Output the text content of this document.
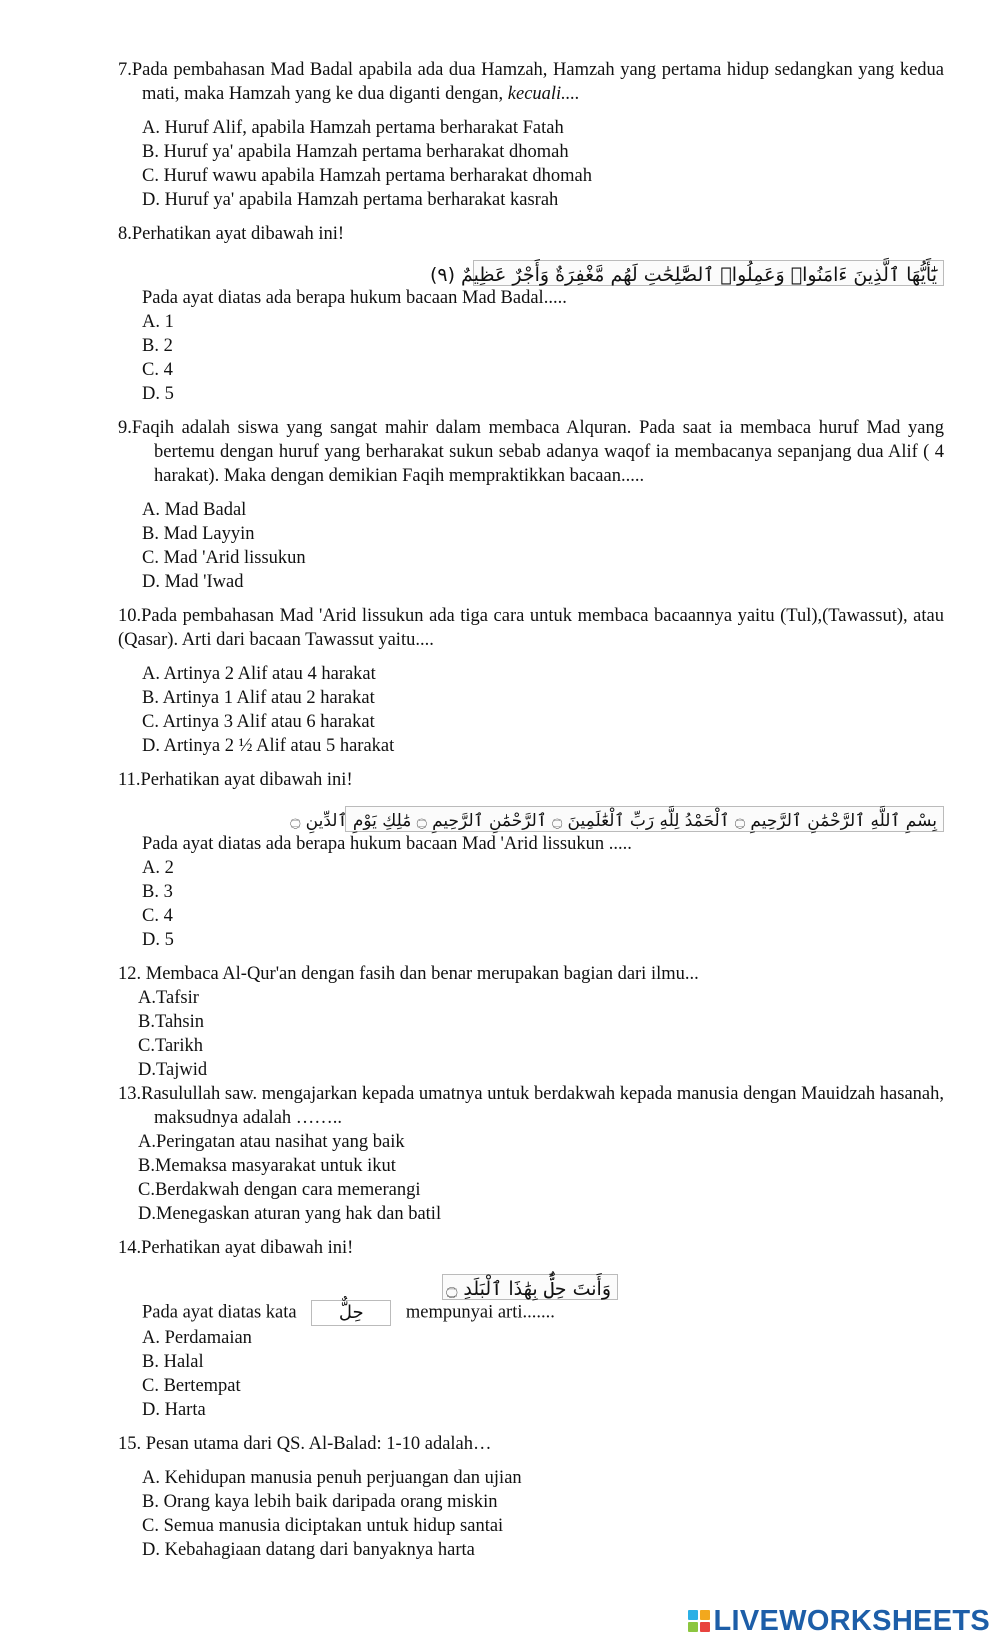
7.Pada pembahasan Mad Badal apabila ada dua Hamzah, Hamzah yang pertama hidup sedangkan yang kedua mati, maka Hamzah yang ke dua diganti dengan, kecuali....

A. Huruf Alif, apabila Hamzah pertama berharakat Fatah
B. Huruf ya' apabila Hamzah pertama berharakat dhomah
C. Huruf wawu apabila Hamzah pertama berharakat dhomah
D. Huruf ya' apabila Hamzah pertama berharakat kasrah

8.Perhatikan ayat dibawah ini!

يَٰٓأَيُّهَا ٱلَّذِينَ ءَامَنُوا۟ وَعَمِلُوا۟ ٱلصَّٰلِحَٰتِ لَهُم مَّغْفِرَةٌ وَأَجْرٌ عَظِيمٌ (٩)

Pada ayat diatas ada berapa hukum bacaan Mad Badal.....

A. 1
B. 2
C. 4
D. 5

9.Faqih adalah siswa yang sangat mahir dalam membaca Alquran. Pada saat ia membaca huruf Mad yang bertemu dengan huruf yang berharakat sukun sebab adanya waqof ia membacanya sepanjang dua Alif ( 4 harakat). Maka dengan demikian Faqih mempraktikkan bacaan.....

A. Mad Badal
B. Mad Layyin
C. Mad 'Arid lissukun
D. Mad 'Iwad

10.Pada pembahasan Mad 'Arid lissukun ada tiga cara untuk membaca bacaannya yaitu (Tul),(Tawassut), atau (Qasar). Arti dari bacaan Tawassut yaitu....

A. Artinya 2 Alif atau 4 harakat
B. Artinya 1 Alif atau 2 harakat
C. Artinya 3 Alif atau 6 harakat
D. Artinya 2 ½ Alif atau 5 harakat

11.Perhatikan ayat dibawah ini!

بِسْمِ ٱللَّهِ ٱلرَّحْمَٰنِ ٱلرَّحِيمِ ۝ ٱلْحَمْدُ لِلَّهِ رَبِّ ٱلْعَٰلَمِينَ ۝ ٱلرَّحْمَٰنِ ٱلرَّحِيمِ ۝ مَٰلِكِ يَوْمِ ٱلدِّينِ ۝

Pada ayat diatas ada berapa hukum bacaan Mad 'Arid lissukun .....

A. 2
B. 3
C. 4
D. 5

12. Membaca Al-Qur'an dengan fasih dan benar merupakan bagian dari ilmu...

A.Tafsir
B.Tahsin
C.Tarikh
D.Tajwid

13.Rasulullah saw. mengajarkan kepada umatnya untuk berdakwah kepada manusia dengan Mauidzah hasanah, maksudnya adalah ……..

A.Peringatan atau nasihat yang baik
B.Memaksa masyarakat untuk ikut
C.Berdakwah dengan cara memerangi
D.Menegaskan aturan yang hak dan batil

14.Perhatikan ayat dibawah ini!

وَأَنتَ حِلٌّۢ بِهَٰذَا ٱلْبَلَدِ ۝

Pada ayat diatas kata حِلٌّ mempunyai arti.......

A. Perdamaian
B. Halal
C. Bertempat
D. Harta

15. Pesan utama dari QS. Al-Balad: 1-10 adalah…

A. Kehidupan manusia penuh perjuangan dan ujian
B. Orang kaya lebih baik daripada orang miskin
C. Semua manusia diciptakan untuk hidup santai
D. Kebahagiaan datang dari banyaknya harta
LIVEWORKSHEETS
